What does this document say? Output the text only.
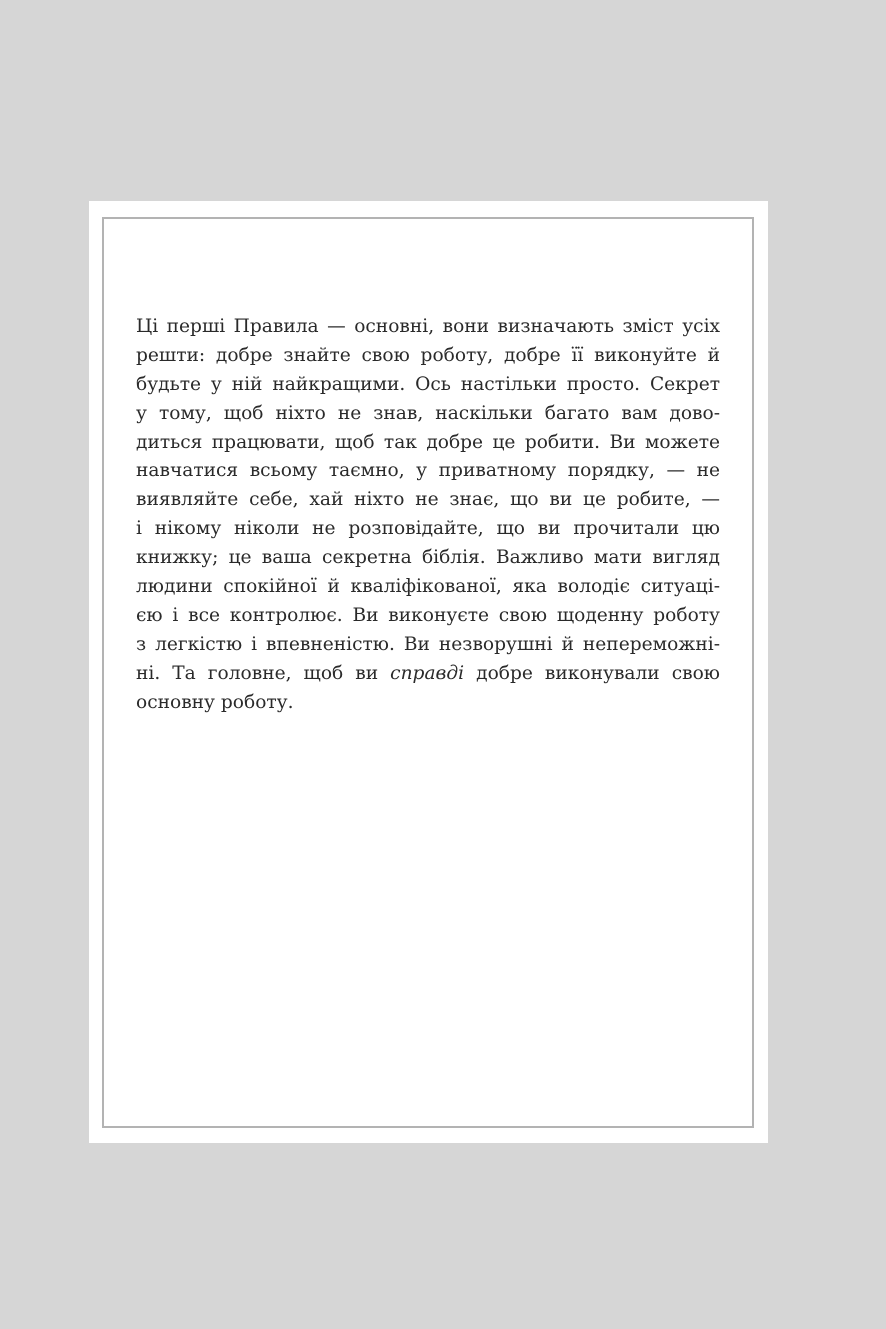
Ці перші Правила — основні, вони визначають зміст усіх
решти: добре знайте свою роботу, добре її виконуйте й
будьте у ній найкращими. Ось настільки просто. Секрет
у тому, щоб ніхто не знав, наскільки багато вам дово-
диться працювати, щоб так добре це робити. Ви можете
навчатися всьому таємно, у приватному порядку, — не
виявляйте себе, хай ніхто не знає, що ви це робите, —
і нікому ніколи не розповідайте, що ви прочитали цю
книжку; це ваша секретна біблія. Важливо мати вигляд
людини спокійної й кваліфікованої, яка володіє ситуаці-
єю і все контролює. Ви виконуєте свою щоденну роботу
з легкістю і впевненістю. Ви незворушні й непереможні-
ні. Та головне, щоб ви справді добре виконували свою
основну роботу.
